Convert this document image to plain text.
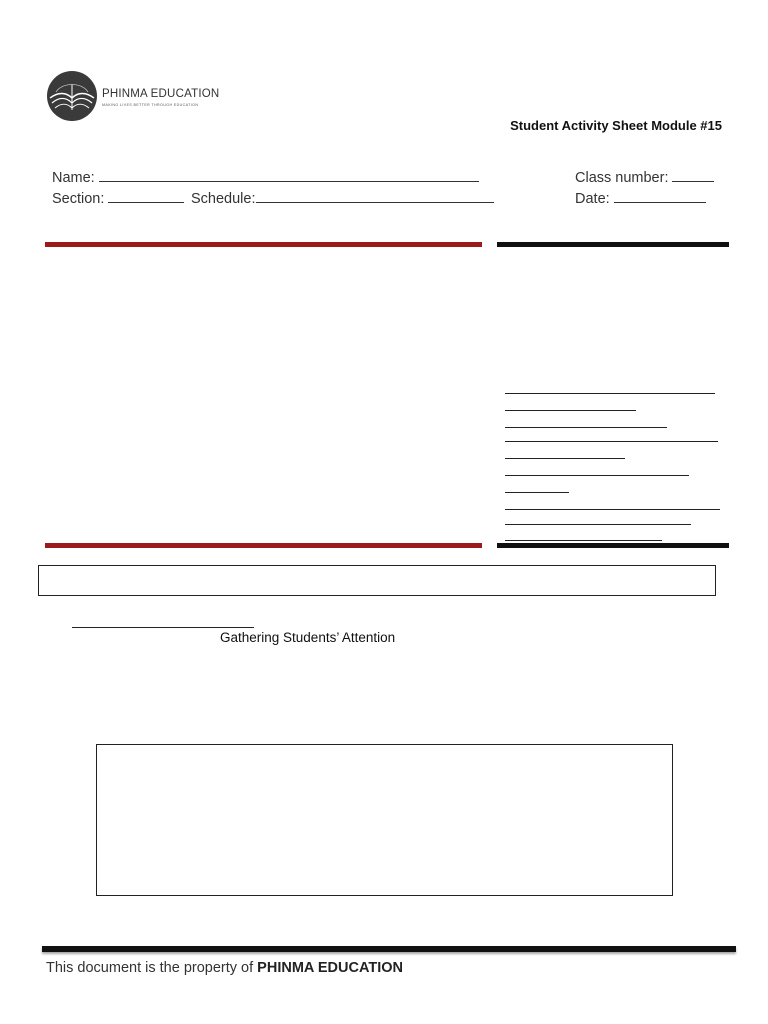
PHINMA EDUCATION
MAKING LIVES BETTER THROUGH EDUCATION
Student Activity Sheet Module #15
Name:
Section:	Schedule:
Class number:
Date:
Gathering Students’ Attention
This document is the property of PHINMA EDUCATION
